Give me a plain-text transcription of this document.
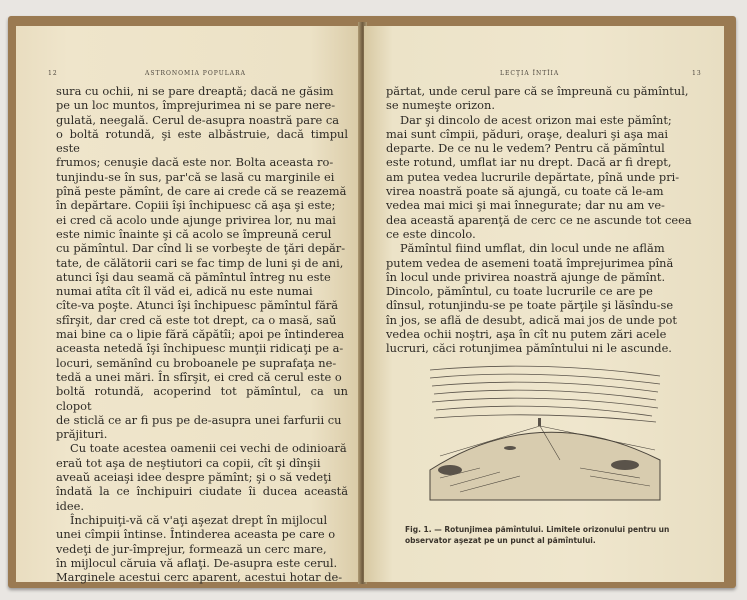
sura cu ochii, ni se pare dreaptă; dacă ne găsim

pe un loc muntos, împrejurimea ni se pare nere-

gulată, neegală. Cerul de-asupra noastră pare ca

o boltă rotundă, şi este albăstruie, dacă timpul este

frumos; cenuşie dacă este nor. Bolta aceasta ro-

tunjindu-se în sus, par'că se lasă cu marginile ei

pînă peste pămînt, de care ai crede că se reazemă

în depărtare. Copiii îşi închipuesc că aşa şi este;

ei cred că acolo unde ajunge privirea lor, nu mai

este nimic înainte şi că acolo se împreună cerul

cu pămîntul. Dar cînd li se vorbeşte de ţări depăr-

tate, de călătorii cari se fac timp de luni şi de ani,

atunci îşi dau seamă că pămîntul întreg nu este

numai atîta cît îl văd ei, adică nu este numai

cîte-va poşte. Atunci îşi închipuesc pămîntul fără

sfîrşit, dar cred că este tot drept, ca o masă, saŭ

mai bine ca o lipie fără căpătîi; apoi pe întinderea

aceasta netedă îşi închipuesc munţii ridicaţi pe a-

locuri, semănînd cu broboanele pe suprafaţa ne-

tedă a unei mări. În sfîrşit, ei cred că cerul este o

boltă rotundă, acoperind tot pămîntul, ca un clopot

de sticlă ce ar fi pus pe de-asupra unei farfurii cu

prăjituri.

Cu toate acestea oamenii cei vechi de odinioară

eraŭ tot aşa de neştiutori ca copii, cît şi dînşii

aveaŭ aceiaşi idee despre pămînt; şi o să vedeţi

îndată la ce închipuiri ciudate îi ducea această idee.

Închipuiţi-vă că v'aţi aşezat drept în mijlocul

unei cîmpii întinse. Întinderea aceasta pe care o

vedeţi de jur-împrejur, formează un cerc mare,

în mijlocul căruia vă aflaţi. De-asupra este cerul.

Marginele acestui cerc aparent, acestui hotar de-

12	ASTRONOMIA POPULARA

părtat, unde cerul pare că se împreună cu pămîntul,

se numeşte orizon.

Dar şi dincolo de acest orizon mai este pămînt;

mai sunt cîmpii, păduri, oraşe, dealuri şi aşa mai

departe. De ce nu le vedem? Pentru că pămîntul

este rotund, umflat iar nu drept. Dacă ar fi drept,

am putea vedea lucrurile depărtate, pînă unde pri-

virea noastră poate să ajungă, cu toate că le-am

vedea mai mici şi mai înnegurate; dar nu am ve-

dea această aparenţă de cerc ce ne ascunde tot ceea

ce este dincolo.

Pămîntul fiind umflat, din locul unde ne aflăm

putem vedea de asemeni toată împrejurimea pînă

în locul unde privirea noastră ajunge de pămînt.

Dincolo, pămîntul, cu toate lucrurile ce are pe

dînsul, rotunjindu-se pe toate părţile şi lăsîndu-se

în jos, se află de desubt, adică mai jos de unde pot

vedea ochii noştri, aşa în cît nu putem zări acele

lucruri, căci rotunjimea pămîntului ni le ascunde.

LECŢIA ÎNTÎIA	13
Fig. 1. — Rotunjimea pămîntului. Limitele orizonului pentru un observator aşezat pe un punct al pămîntului.
